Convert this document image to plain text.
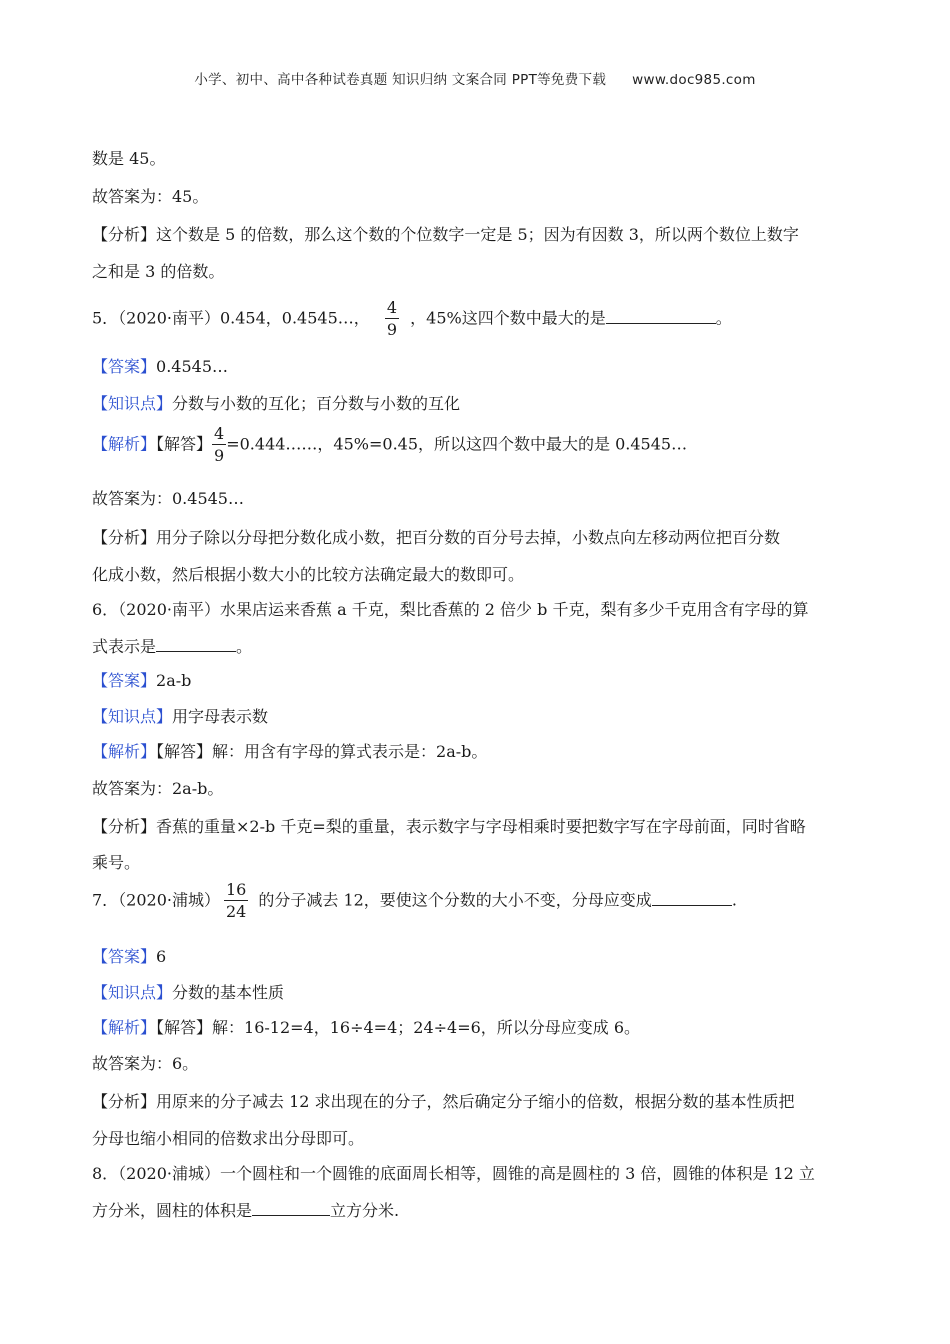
小学、初中、高中各种试卷真题 知识归纳 文案合同 PPT等免费下载 www.doc985.com
数是 45。
故答案为：45。
【分析】这个数是 5 的倍数，那么这个数的个位数字一定是 5；因为有因数 3，所以两个数位上数字
之和是 3 的倍数。
5．（2020·南平）0.454，0.4545…， $\frac{4}{9}$ ，45%这四个数中最大的是	。
【答案】0.4545…
【知识点】分数与小数的互化；百分数与小数的互化
【解析】【解答】 $\frac{4}{9}$ =0.444……，45%=0.45，所以这四个数中最大的是 0.4545…
故答案为：0.4545…
【分析】用分子除以分母把分数化成小数，把百分数的百分号去掉，小数点向左移动两位把百分数
化成小数，然后根据小数大小的比较方法确定最大的数即可。
6．（2020·南平）水果店运来香蕉 a 千克，梨比香蕉的 2 倍少 b 千克，梨有多少千克用含有字母的算
式表示是	。
【答案】2a-b
【知识点】用字母表示数
【解析】【解答】解：用含有字母的算式表示是：2a-b。
故答案为：2a-b。
【分析】香蕉的重量×2-b 千克=梨的重量，表示数字与字母相乘时要把数字写在字母前面，同时省略
乘号。
7．（2020·浦城） $\frac{16}{24}$ 的分子减去 12，要使这个分数的大小不变，分母应变成	.
【答案】6
【知识点】分数的基本性质
【解析】【解答】解：16-12=4，16÷4=4；24÷4=6，所以分母应变成 6。
故答案为：6。
【分析】用原来的分子减去 12 求出现在的分子，然后确定分子缩小的倍数，根据分数的基本性质把
分母也缩小相同的倍数求出分母即可。
8．（2020·浦城）一个圆柱和一个圆锥的底面周长相等，圆锥的高是圆柱的 3 倍，圆锥的体积是 12 立
方分米，圆柱的体积是	立方分米.
